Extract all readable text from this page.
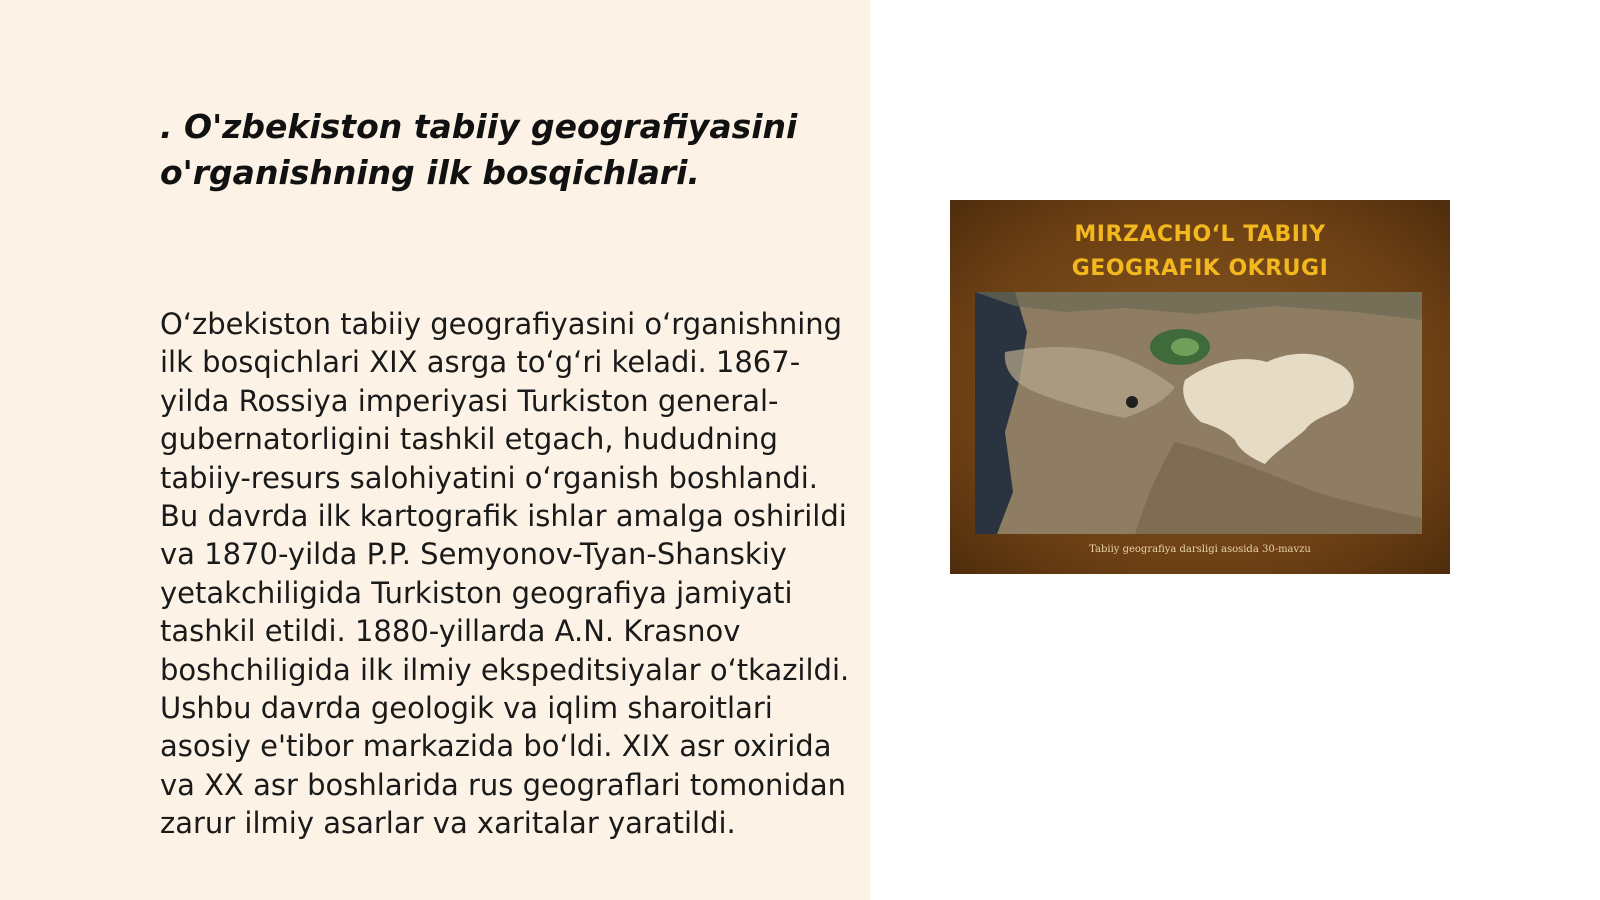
. O'zbekiston tabiiy geografiyasini o'rganishning ilk bosqichlari.

O‘zbekiston tabiiy geografiyasini o‘rganishning ilk bosqichlari XIX asrga to‘g‘ri keladi. 1867-yilda Rossiya imperiyasi Turkiston general-gubernatorligini tashkil etgach, hududning tabiiy-resurs salohiyatini o‘rganish boshlandi. Bu davrda ilk kartografik ishlar amalga oshirildi va 1870-yilda P.P. Semyonov-Tyan-Shanskiy yetakchiligida Turkiston geografiya jamiyati tashkil etildi. 1880-yillarda A.N. Krasnov boshchiligida ilk ilmiy ekspeditsiyalar o‘tkazildi. Ushbu davrda geologik va iqlim sharoitlari asosiy e'tibor markazida bo‘ldi. XIX asr oxirida va XX asr boshlarida rus geograflari tomonidan zarur ilmiy asarlar va xaritalar yaratildi.

MIRZACHO‘L TABIIY
GEOGRAFIK OKRUGI
Tabiiy geografiya darsligi asosida 30-mavzu
